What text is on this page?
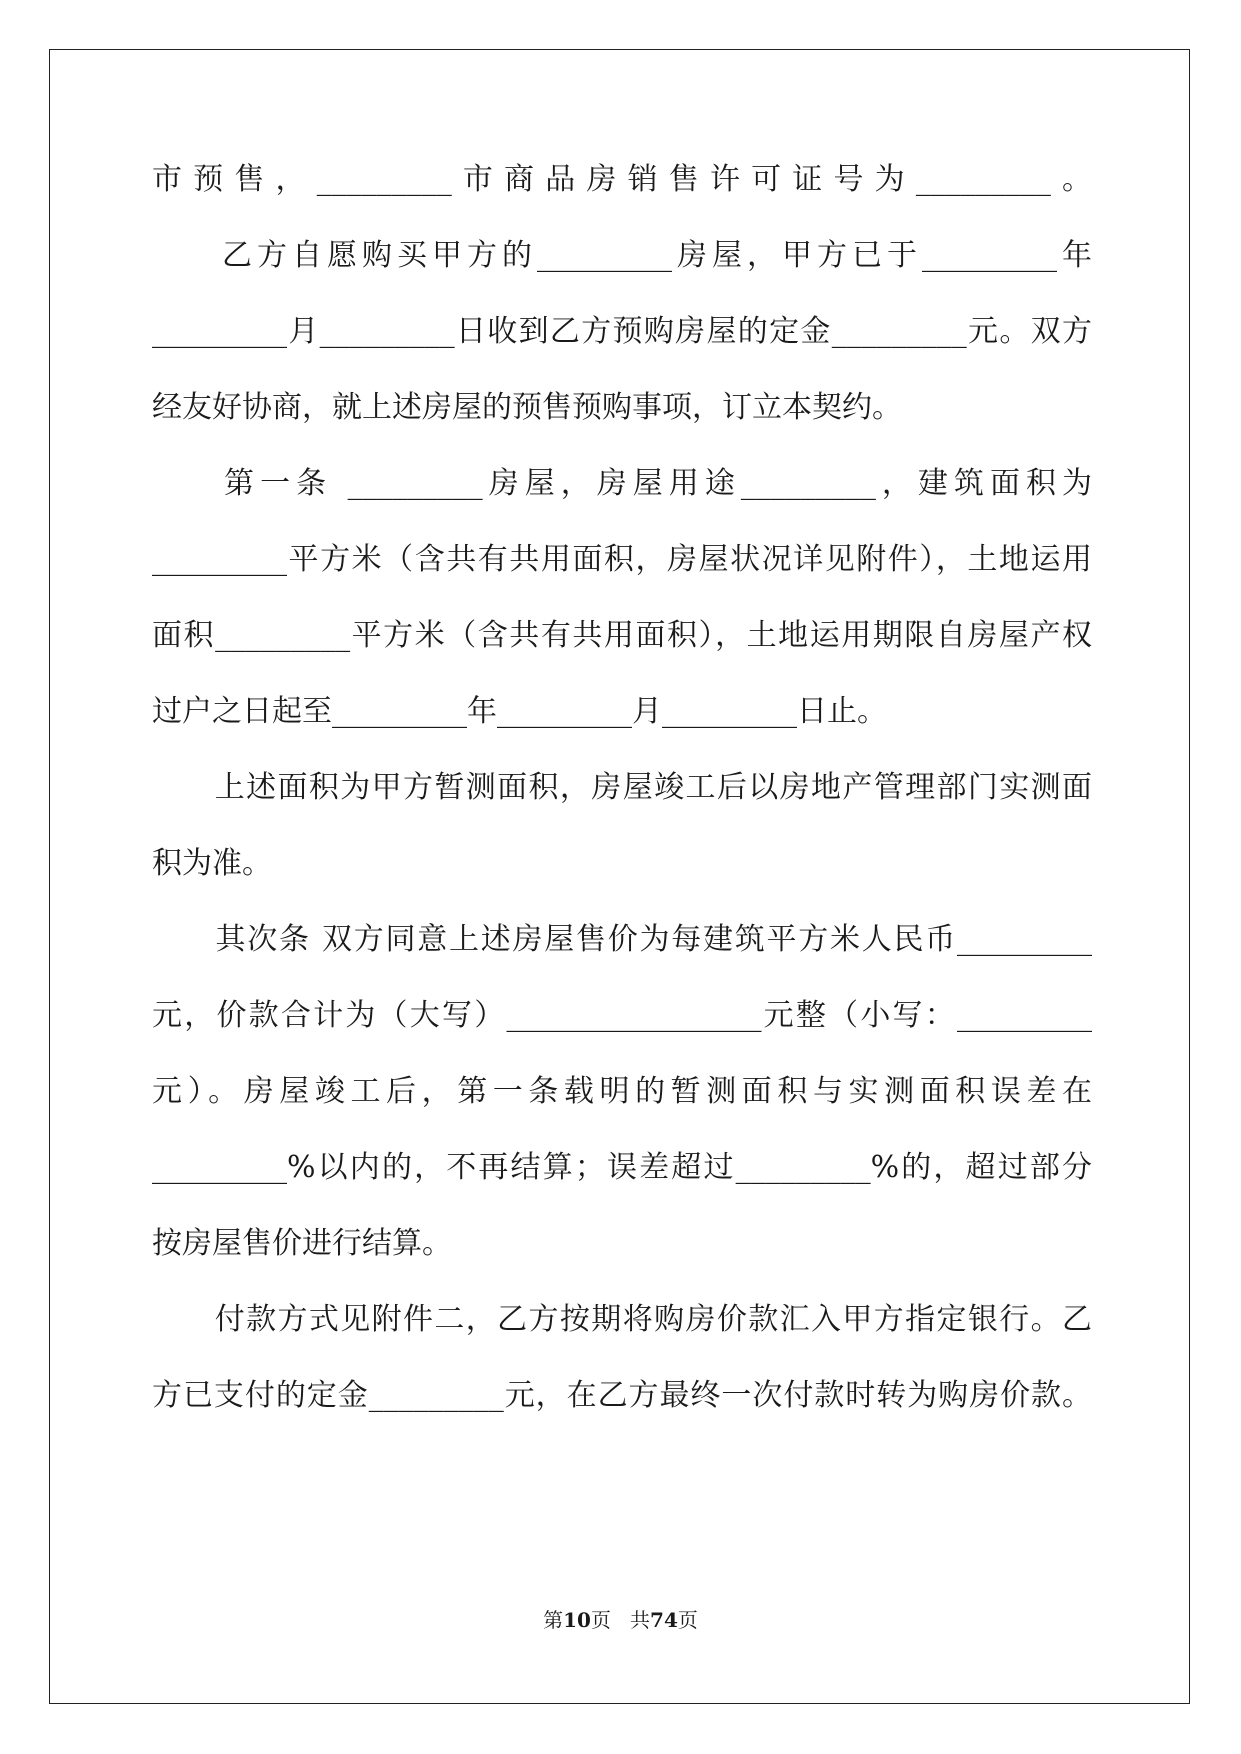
市预售，_________市商品房销售许可证号为_________。
　　乙方自愿购买甲方的_________房屋，甲方已于_________年
_________月_________日收到乙方预购房屋的定金_________元。双方
经友好协商，就上述房屋的预售预购事项，订立本契约。
　　第一条 _________房屋，房屋用途_________，建筑面积为
_________平方米（含共有共用面积，房屋状况详见附件），土地运用
面积_________平方米（含共有共用面积），土地运用期限自房屋产权
过户之日起至_________年_________月_________日止。
　　上述面积为甲方暂测面积，房屋竣工后以房地产管理部门实测面
积为准。
　　其次条 双方同意上述房屋售价为每建筑平方米人民币_________
元，价款合计为（大写）_________________元整（小写：_________
元）。房屋竣工后，第一条载明的暂测面积与实测面积误差在
_________%以内的，不再结算；误差超过_________%的，超过部分
按房屋售价进行结算。
　　付款方式见附件二，乙方按期将购房价款汇入甲方指定银行。乙
方已支付的定金_________元，在乙方最终一次付款时转为购房价款。
第10页 共74页
